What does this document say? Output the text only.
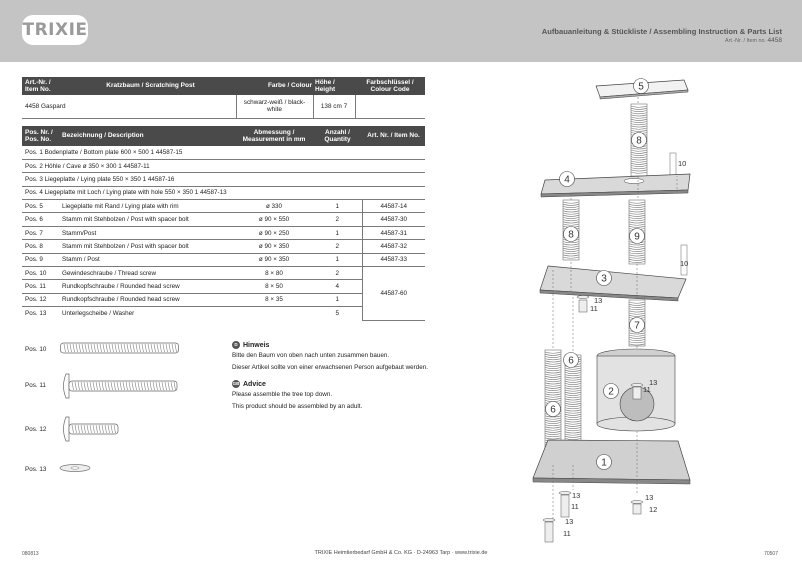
TRIXIE	Aufbauanleitung & Stückliste / Assembling Instruction & Parts List
Art.-Nr. / Item no. 4458
Art.-Nr. / Item No.	Kratzbaum / Scratching Post	Farbe / Colour	Höhe / Height	Farbschlüssel / Colour Code
4458 Gaspard		schwarz-weiß / black-white	138 cm 7	
Pos. Nr. / Pos. No.	Bezeichnung / Description	Abmessung / Measurement in mm	Anzahl / Quantity	Art. Nr. / Item No.
Pos. 1 Bodenplatte / Bottom plate 600 × 500 1 44587-15				
Pos. 2 Höhle / Cave ø 350 × 300 1 44587-11				
Pos. 3 Liegeplatte / Lying plate 550 × 350 1 44587-16				
Pos. 4 Liegeplatte mit Loch / Lying plate with hole 550 × 350 1 44587-13				
Pos. 5	Liegeplatte mit Rand / Lying plate with rim	ø 330	1	44587-14
Pos. 6	Stamm mit Stehbolzen / Post with spacer bolt	ø 90 × 550	2	44587-30
Pos. 7	Stamm/Post	ø 90 × 250	1	44587-31
Pos. 8	Stamm mit Stehbolzen / Post with spacer bolt	ø 90 × 350	2	44587-32
Pos. 9	Stamm / Post	ø 90 × 350	1	44587-33
Pos. 10	Gewindeschraube / Thread screw	8 × 80	2	44587-60
Pos. 11	Rundkopfschraube / Rounded head screw	8 × 50	4	
Pos. 12	Rundkopfschraube / Rounded head screw	8 × 35	1	
Pos. 13	Unterlegscheibe / Washer		5	
Pos. 10
Pos. 11
Pos. 12
Pos. 13
D Hinweis
Bitte den Baum von oben nach unten zusammen bauen.
Dieser Artikel sollte von einer erwachsenen Person aufgebaut werden.
GB Advice
Please assemble the tree top down.
This product should be assembled by an adult.
5
8
4
8	9
3
7
6
2
6
1
10
10
13
11
13
11
13
11
13
12
13
11
080813	TRIXIE Heimtierbedarf GmbH & Co. KG · D-24963 Tarp · www.trixie.de	70507
